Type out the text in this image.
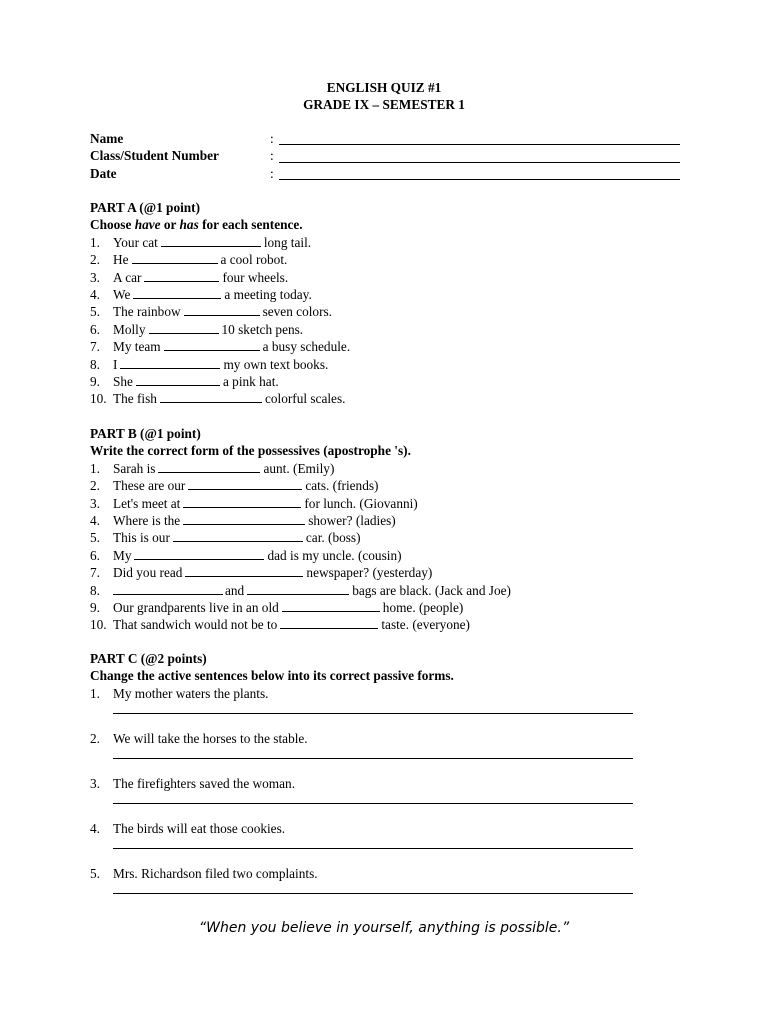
ENGLISH QUIZ #1
GRADE IX – SEMESTER 1
Name	:
Class/Student Number	:
Date	:
PART A (@1 point)
Choose have or has for each sentence.
1. Your cat	long tail.
2. He	a cool robot.
3. A car	four wheels.
4. We	a meeting today.
5. The rainbow	seven colors.
6. Molly	10 sketch pens.
7. My team	a busy schedule.
8. I	my own text books.
9. She	a pink hat.
10. The fish	colorful scales.
PART B (@1 point)
Write the correct form of the possessives (apostrophe 's).
1. Sarah is	aunt. (Emily)
2. These are our	cats. (friends)
3. Let's meet at	for lunch. (Giovanni)
4. Where is the	shower? (ladies)
5. This is our	car. (boss)
6. My	dad is my uncle. (cousin)
7. Did you read	newspaper? (yesterday)
8.	and	bags are black. (Jack and Joe)
9. Our grandparents live in an old	home. (people)
10. That sandwich would not be to	taste. (everyone)
PART C (@2 points)
Change the active sentences below into its correct passive forms.
1. My mother waters the plants.
2. We will take the horses to the stable.
3. The firefighters saved the woman.
4. The birds will eat those cookies.
5. Mrs. Richardson filed two complaints.
“When you believe in yourself, anything is possible.”
